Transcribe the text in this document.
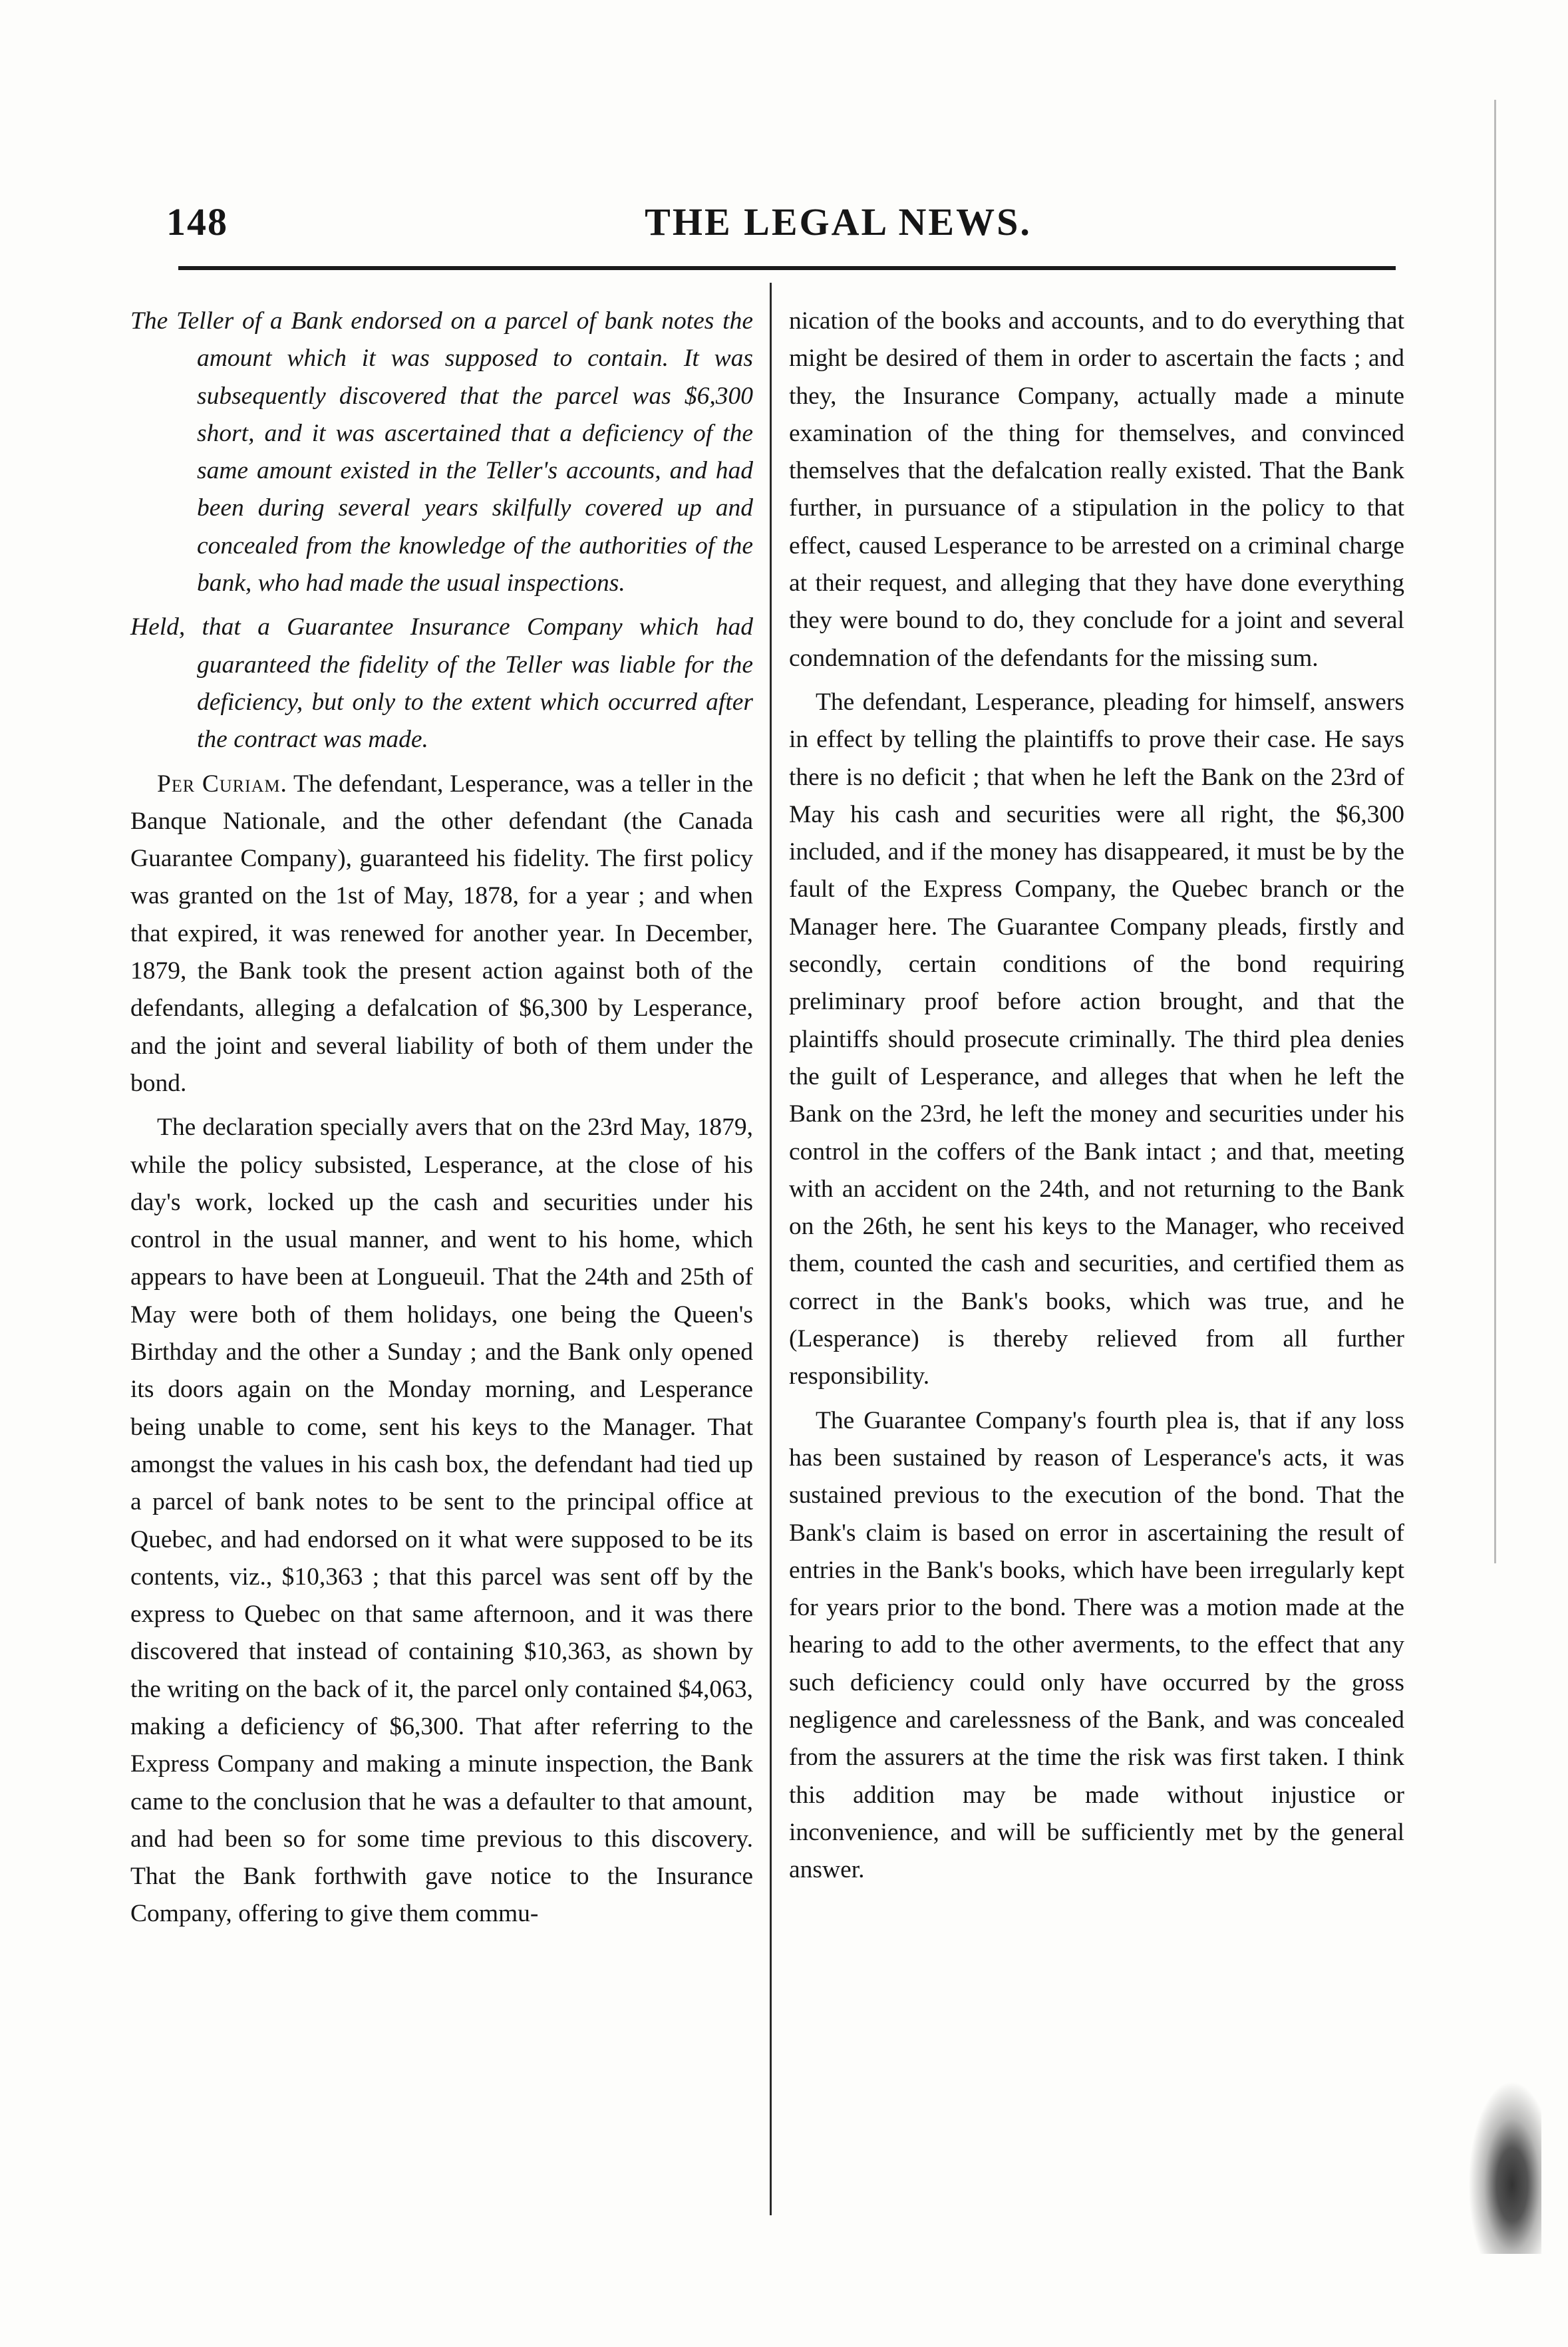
148	THE LEGAL NEWS.

The Teller of a Bank endorsed on a parcel of bank notes the amount which it was supposed to contain. It was subsequently discovered that the parcel was $6,300 short, and it was ascertained that a deficiency of the same amount existed in the Teller's accounts, and had been during several years skilfully covered up and concealed from the knowledge of the authorities of the bank, who had made the usual inspections.

Held, that a Guarantee Insurance Company which had guaranteed the fidelity of the Teller was liable for the deficiency, but only to the extent which occurred after the contract was made.

Per Curiam. The defendant, Lesperance, was a teller in the Banque Nationale, and the other defendant (the Canada Guarantee Company), guaranteed his fidelity. The first policy was granted on the 1st of May, 1878, for a year ; and when that expired, it was renewed for another year. In December, 1879, the Bank took the present action against both of the defendants, alleging a defalcation of $6,300 by Lesperance, and the joint and several liability of both of them under the bond.

The declaration specially avers that on the 23rd May, 1879, while the policy subsisted, Lesperance, at the close of his day's work, locked up the cash and securities under his control in the usual manner, and went to his home, which appears to have been at Longueuil. That the 24th and 25th of May were both of them holidays, one being the Queen's Birthday and the other a Sunday ; and the Bank only opened its doors again on the Monday morning, and Lesperance being unable to come, sent his keys to the Manager. That amongst the values in his cash box, the defendant had tied up a parcel of bank notes to be sent to the principal office at Quebec, and had endorsed on it what were supposed to be its contents, viz., $10,363 ; that this parcel was sent off by the express to Quebec on that same afternoon, and it was there discovered that instead of containing $10,363, as shown by the writing on the back of it, the parcel only contained $4,063, making a deficiency of $6,300. That after referring to the Express Company and making a minute inspection, the Bank came to the conclusion that he was a defaulter to that amount, and had been so for some time previous to this discovery. That the Bank forthwith gave notice to the Insurance Company, offering to give them commu-

nication of the books and accounts, and to do everything that might be desired of them in order to ascertain the facts ; and they, the Insurance Company, actually made a minute examination of the thing for themselves, and convinced themselves that the defalcation really existed. That the Bank further, in pursuance of a stipulation in the policy to that effect, caused Lesperance to be arrested on a criminal charge at their request, and alleging that they have done everything they were bound to do, they conclude for a joint and several condemnation of the defendants for the missing sum.

The defendant, Lesperance, pleading for himself, answers in effect by telling the plaintiffs to prove their case. He says there is no deficit ; that when he left the Bank on the 23rd of May his cash and securities were all right, the $6,300 included, and if the money has disappeared, it must be by the fault of the Express Company, the Quebec branch or the Manager here. The Guarantee Company pleads, firstly and secondly, certain conditions of the bond requiring preliminary proof before action brought, and that the plaintiffs should prosecute criminally. The third plea denies the guilt of Lesperance, and alleges that when he left the Bank on the 23rd, he left the money and securities under his control in the coffers of the Bank intact ; and that, meeting with an accident on the 24th, and not returning to the Bank on the 26th, he sent his keys to the Manager, who received them, counted the cash and securities, and certified them as correct in the Bank's books, which was true, and he (Lesperance) is thereby relieved from all further responsibility.

The Guarantee Company's fourth plea is, that if any loss has been sustained by reason of Lesperance's acts, it was sustained previous to the execution of the bond. That the Bank's claim is based on error in ascertaining the result of entries in the Bank's books, which have been irregularly kept for years prior to the bond. There was a motion made at the hearing to add to the other averments, to the effect that any such deficiency could only have occurred by the gross negligence and carelessness of the Bank, and was concealed from the assurers at the time the risk was first taken. I think this addition may be made without injustice or inconvenience, and will be sufficiently met by the general answer.
